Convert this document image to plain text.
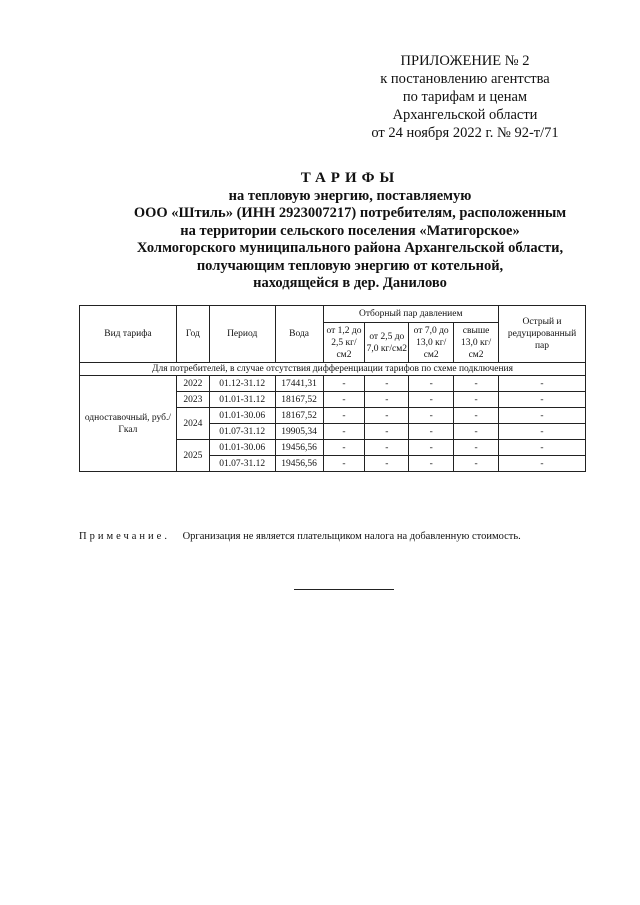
ПРИЛОЖЕНИЕ № 2
к постановлению агентства
по тарифам и ценам
Архангельской области
от 24 ноября 2022 г. № 92-т/71
ТАРИФЫ
на тепловую энергию, поставляемую
ООО «Штиль» (ИНН 2923007217) потребителям, расположенным
на территории сельского поселения «Матигорское»
Холмогорского муниципального района Архангельской области,
получающим тепловую энергию от котельной,
находящейся в дер. Данилово
Вид тарифа	Год	Период	Вода	Отборный пар давлением				Острый и редуцированный пар
				от 1,2 до 2,5 кг/см2	от 2,5 до 7,0 кг/см2	от 7,0 до 13,0 кг/см2	свыше 13,0 кг/см2	
Для потребителей, в случае отсутствия дифференциации тарифов по схеме подключения								
одноставочный, руб./Гкал	2022	01.12-31.12	17441,31	-	-	-	-	-
	2023	01.01-31.12	18167,52	-	-	-	-	-
	2024	01.01-30.06	18167,52	-	-	-	-	-
		01.07-31.12	19905,34	-	-	-	-	-
	2025	01.01-30.06	19456,56	-	-	-	-	-
		01.07-31.12	19456,56	-	-	-	-	-
Примечание. Организация не является плательщиком налога на добавленную стоимость.
